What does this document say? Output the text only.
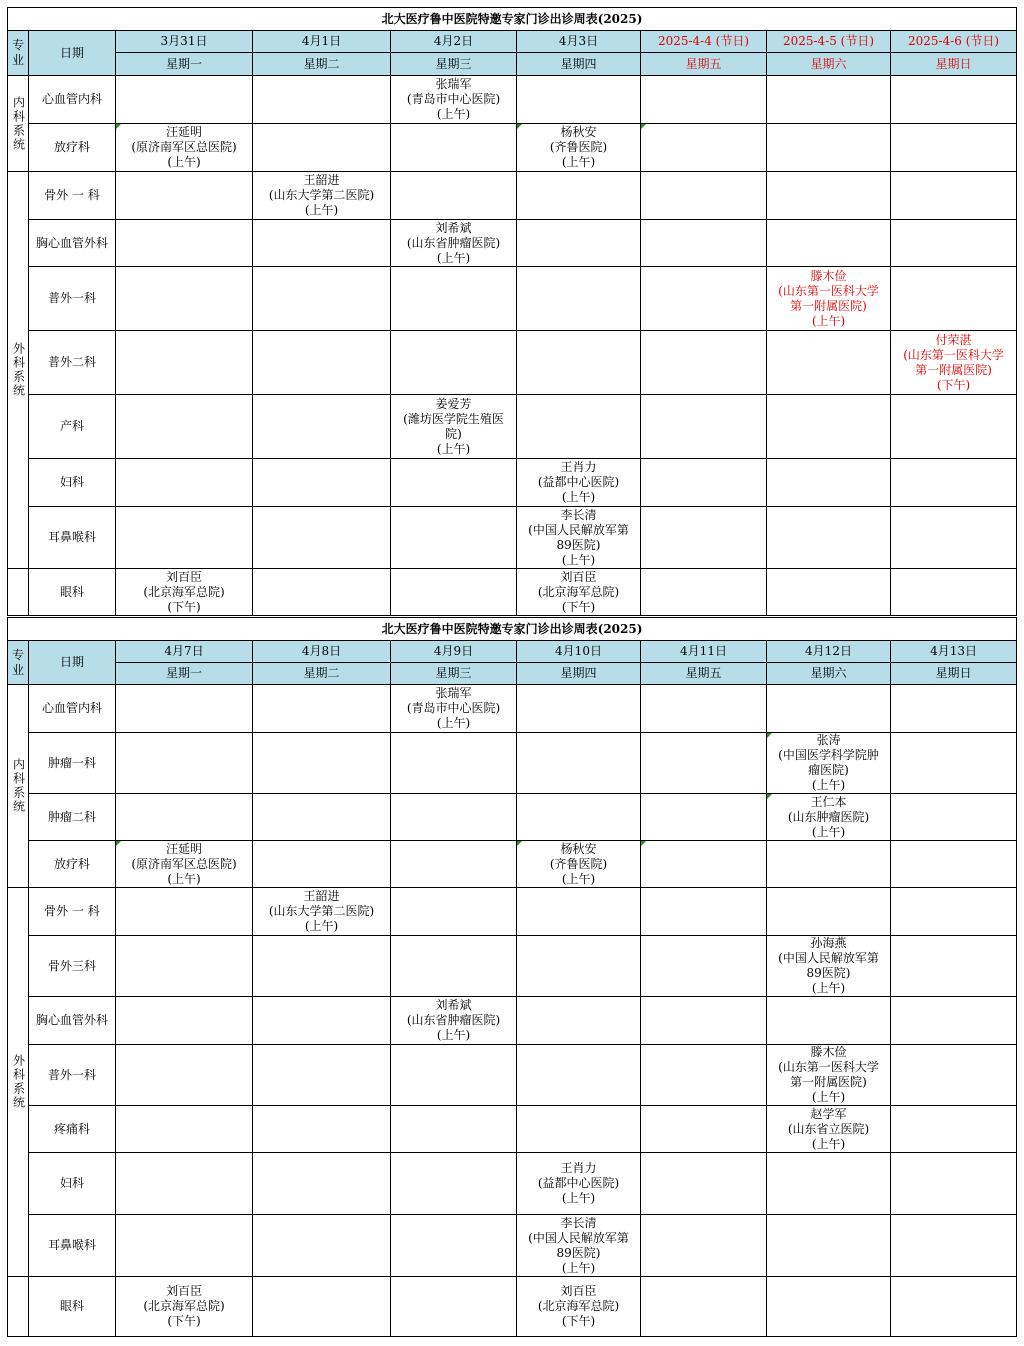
北大医疗鲁中医院特邀专家门诊出诊周表(2025)								
专业	日期	3月31日	4月1日	4月2日	4月3日	2025-4-4 (节日)	2025-4-5 (节日)	2025-4-6 (节日)
		星期一	星期二	星期三	星期四	星期五	星期六	星期日
内科系统	心血管内科			张瑞军
(青岛市中心医院)
(上午)				
	放疗科	汪延明
(原济南军区总医院)
(上午)			杨秋安
(齐鲁医院)
(上午)			
外科系统	骨外 一 科		王韶进
(山东大学第二医院)
(上午)					
	胸心血管外科			刘希斌
(山东省肿瘤医院)
(上午)				
	普外一科						滕木俭
(山东第一医科大学
第一附属医院)
(上午)	
	普外二科							付荣湛
(山东第一医科大学
第一附属医院)
(下午)
	产科			姜爱芳
(潍坊医学院生殖医
院)
(上午)				
	妇科				王肖力
(益都中心医院)
(上午)			
	耳鼻喉科				李长清
(中国人民解放军第
89医院)
(上午)			
	眼科	刘百臣
(北京海军总院)
(下午)			刘百臣
(北京海军总院)
(下午)			
北大医疗鲁中医院特邀专家门诊出诊周表(2025)								
专业	日期	4月7日	4月8日	4月9日	4月10日	4月11日	4月12日	4月13日
		星期一	星期二	星期三	星期四	星期五	星期六	星期日
内科系统	心血管内科			张瑞军
(青岛市中心医院)
(上午)				
	肿瘤一科						张涛
(中国医学科学院肿
瘤医院)
(上午)	
	肿瘤二科						王仁本
(山东肿瘤医院)
(上午)	
	放疗科	汪延明
(原济南军区总医院)
(上午)			杨秋安
(齐鲁医院)
(上午)			
外科系统	骨外 一 科		王韶进
(山东大学第二医院)
(上午)					
	骨外三科						孙海燕
(中国人民解放军第
89医院)
(上午)	
	胸心血管外科			刘希斌
(山东省肿瘤医院)
(上午)				
	普外一科						滕木俭
(山东第一医科大学
第一附属医院)
(上午)	
	疼痛科						赵学军
(山东省立医院)
(上午)	
	妇科				王肖力
(益都中心医院)
(上午)			
	耳鼻喉科				李长清
(中国人民解放军第
89医院)
(上午)			
	眼科	刘百臣
(北京海军总院)
(下午)			刘百臣
(北京海军总院)
(下午)			
